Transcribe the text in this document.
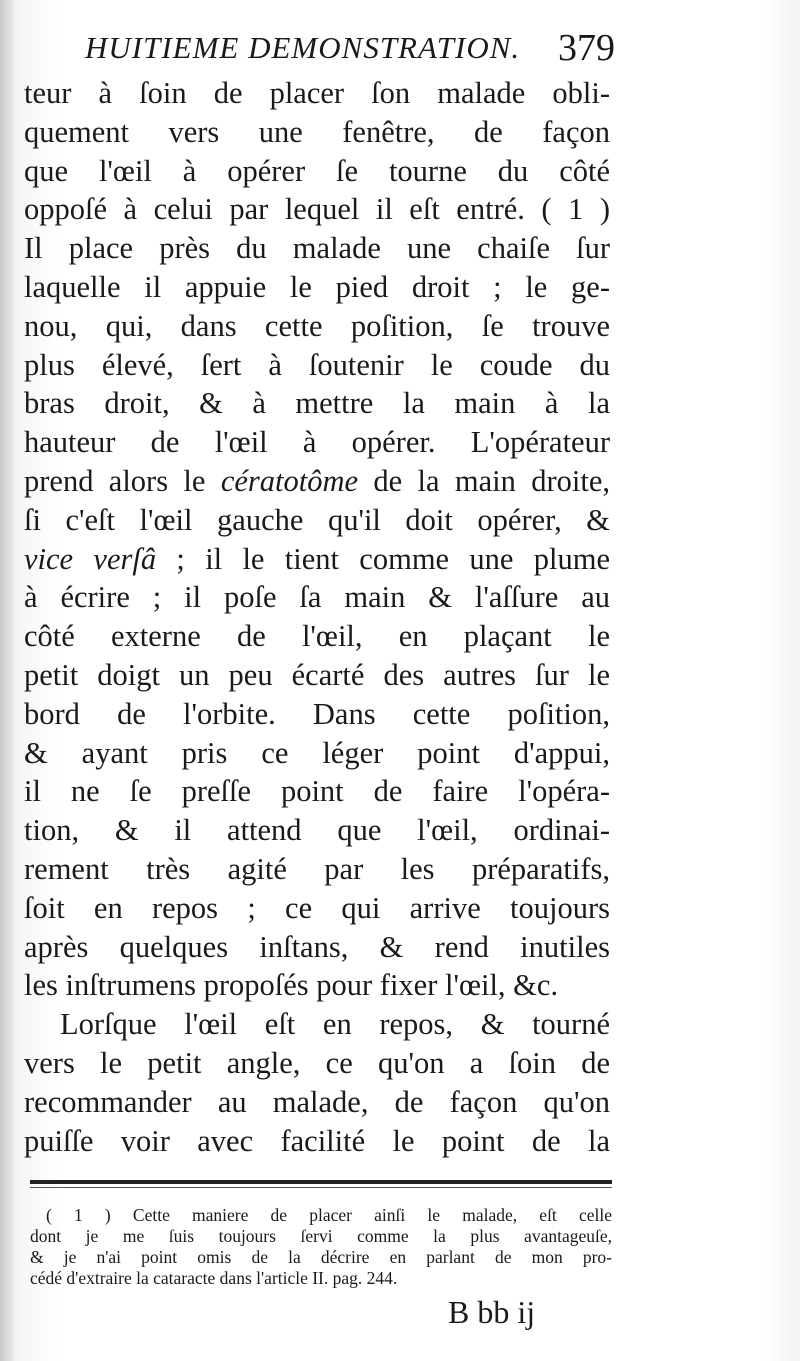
HUITIEME DEMONSTRATION. 379
teur à ſoin de placer ſon malade obli-
quement vers une fenêtre, de façon
que l'œil à opérer ſe tourne du côté
oppoſé à celui par lequel il eſt entré. ( 1 )
Il place près du malade une chaiſe ſur
laquelle il appuie le pied droit ; le ge-
nou, qui, dans cette poſition, ſe trouve
plus élevé, ſert à ſoutenir le coude du
bras droit, & à mettre la main à la
hauteur de l'œil à opérer. L'opérateur
prend alors le cératotôme de la main droite,
ſi c'eſt l'œil gauche qu'il doit opérer, &
vice verſâ ; il le tient comme une plume
à écrire ; il poſe ſa main & l'aſſure au
côté externe de l'œil, en plaçant le
petit doigt un peu écarté des autres ſur le
bord de l'orbite. Dans cette poſition,
& ayant pris ce léger point d'appui,
il ne ſe preſſe point de faire l'opéra-
tion, & il attend que l'œil, ordinai-
rement très agité par les préparatifs,
ſoit en repos ; ce qui arrive toujours
après quelques inſtans, & rend inutiles
les inſtrumens propoſés pour fixer l'œil, &c.
Lorſque l'œil eſt en repos, & tourné
vers le petit angle, ce qu'on a ſoin de
recommander au malade, de façon qu'on
puiſſe voir avec facilité le point de la
( 1 ) Cette maniere de placer ainſi le malade, eſt celle
dont je me ſuis toujours ſervi comme la plus avantageuſe,
& je n'ai point omis de la décrire en parlant de mon pro-
cédé d'extraire la cataracte dans l'article II. pag. 244.
B bb ij
